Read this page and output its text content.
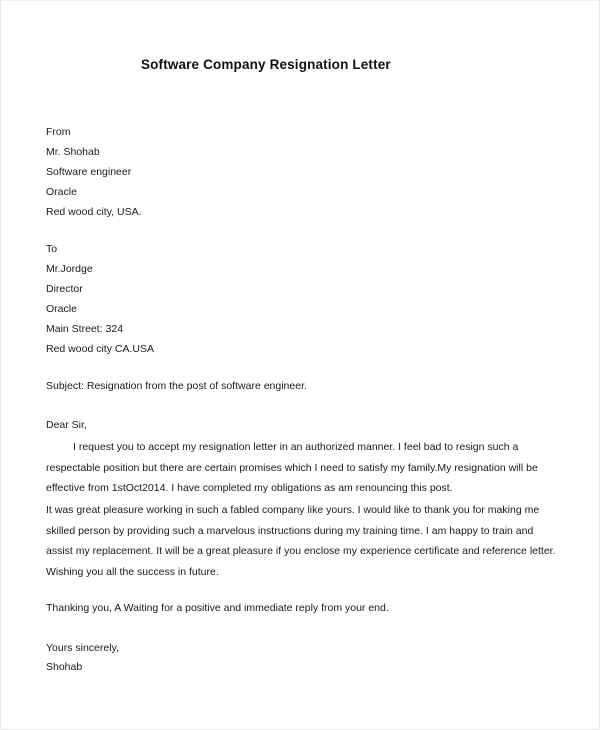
Software Company Resignation Letter
From
Mr. Shohab
Software engineer
Oracle
Red wood city, USA.
To
Mr.Jordge
Director
Oracle
Main Street: 324
Red wood city CA.USA
Subject: Resignation from the post of software engineer.
Dear Sir,
I request you to accept my resignation letter in an authorized manner. I feel bad to resign such a respectable position but there are certain promises which I need to satisfy my family.My resignation will be effective from 1stOct2014. I have completed my obligations as am renouncing this post.
It was great pleasure working in such a fabled company like yours. I would like to thank you for making me skilled person by providing such a marvelous instructions during my training time. I am happy to train and assist my replacement. It will be a great pleasure if you enclose my experience certificate and reference letter. Wishing you all the success in future.
Thanking you, A Waiting for a positive and immediate reply from your end.
Yours sincerely,
Shohab
